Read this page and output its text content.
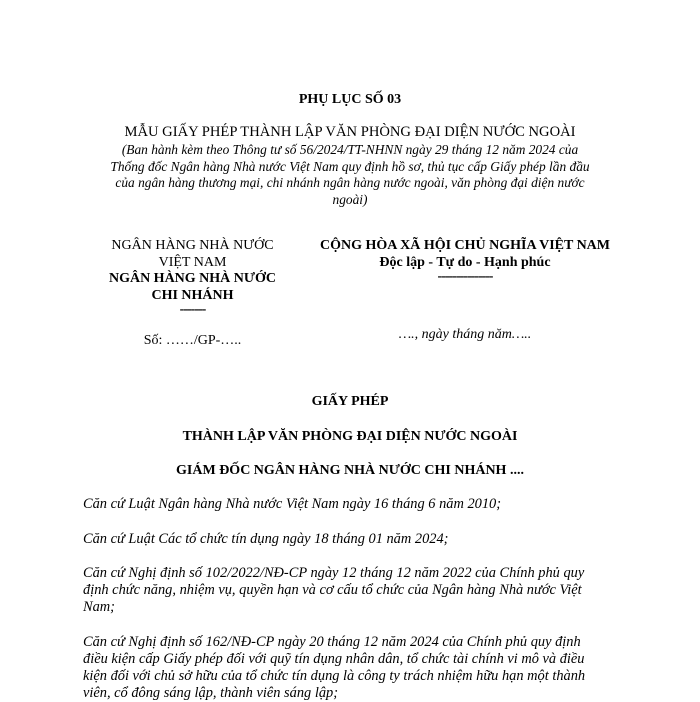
PHỤ LỤC SỐ 03
MẪU GIẤY PHÉP THÀNH LẬP VĂN PHÒNG ĐẠI DIỆN NƯỚC NGOÀI
(Ban hành kèm theo Thông tư số 56/2024/TT-NHNN ngày 29 tháng 12 năm 2024 của
Thống đốc Ngân hàng Nhà nước Việt Nam quy định hồ sơ, thủ tục cấp Giấy phép lần đầu
của ngân hàng thương mại, chi nhánh ngân hàng nước ngoài, văn phòng đại diện nước
ngoài)
NGÂN HÀNG NHÀ NƯỚC
VIỆT NAM
NGÂN HÀNG NHÀ NƯỚC
CHI NHÁNH
-------
Số: ……/GP-…..
CỘNG HÒA XÃ HỘI CHỦ NGHĨA VIỆT NAM
Độc lập - Tự do - Hạnh phúc
---------------
…., ngày tháng năm…..
GIẤY PHÉP
THÀNH LẬP VĂN PHÒNG ĐẠI DIỆN NƯỚC NGOÀI
GIÁM ĐỐC NGÂN HÀNG NHÀ NƯỚC CHI NHÁNH ....
Căn cứ Luật Ngân hàng Nhà nước Việt Nam ngày 16 tháng 6 năm 2010;
Căn cứ Luật Các tổ chức tín dụng ngày 18 tháng 01 năm 2024;
Căn cứ Nghị định số 102/2022/NĐ-CP ngày 12 tháng 12 năm 2022 của Chính phủ quy
định chức năng, nhiệm vụ, quyền hạn và cơ cấu tổ chức của Ngân hàng Nhà nước Việt
Nam;
Căn cứ Nghị định số 162/NĐ-CP ngày 20 tháng 12 năm 2024 của Chính phủ quy định
điều kiện cấp Giấy phép đối với quỹ tín dụng nhân dân, tổ chức tài chính vi mô và điều
kiện đối với chủ sở hữu của tổ chức tín dụng là công ty trách nhiệm hữu hạn một thành
viên, cổ đông sáng lập, thành viên sáng lập;
